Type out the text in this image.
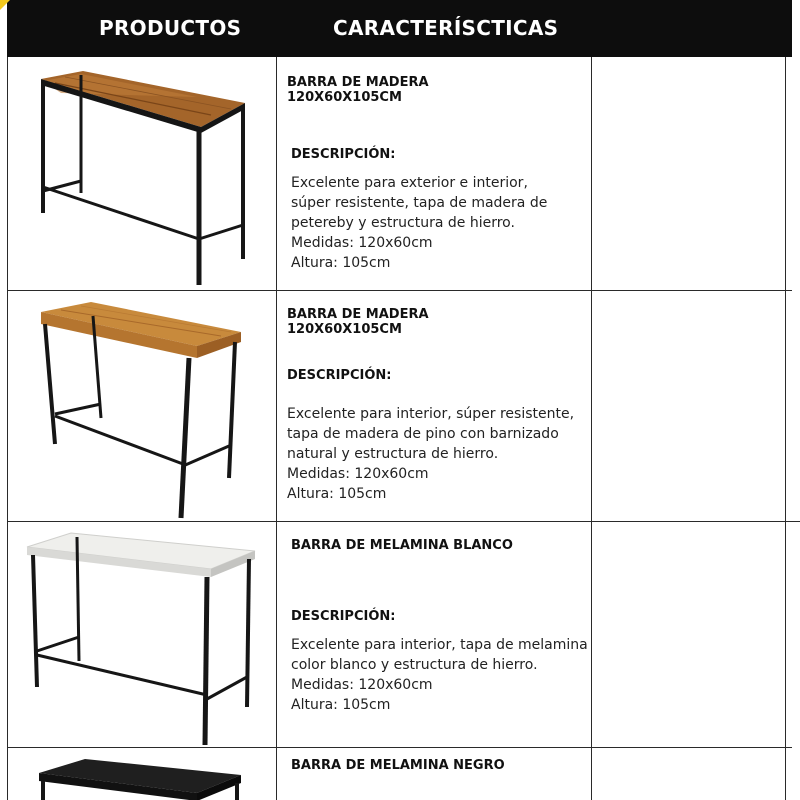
PRODUCTOS	CARACTERÍSCTICAS
BARRA DE MADERA
120X60X105CM
DESCRIPCIÓN:
Excelente para exterior e interior,
súper resistente, tapa de madera de
petereby y estructura de hierro.
Medidas: 120x60cm
Altura: 105cm
BARRA DE MADERA
120X60X105CM
DESCRIPCIÓN:
Excelente para interior, súper resistente,
tapa de madera de pino con barnizado
natural y estructura de hierro.
Medidas: 120x60cm
Altura: 105cm
BARRA DE MELAMINA BLANCO
DESCRIPCIÓN:
Excelente para interior, tapa de melamina
color blanco y estructura de hierro.
Medidas: 120x60cm
Altura: 105cm
BARRA DE MELAMINA NEGRO
